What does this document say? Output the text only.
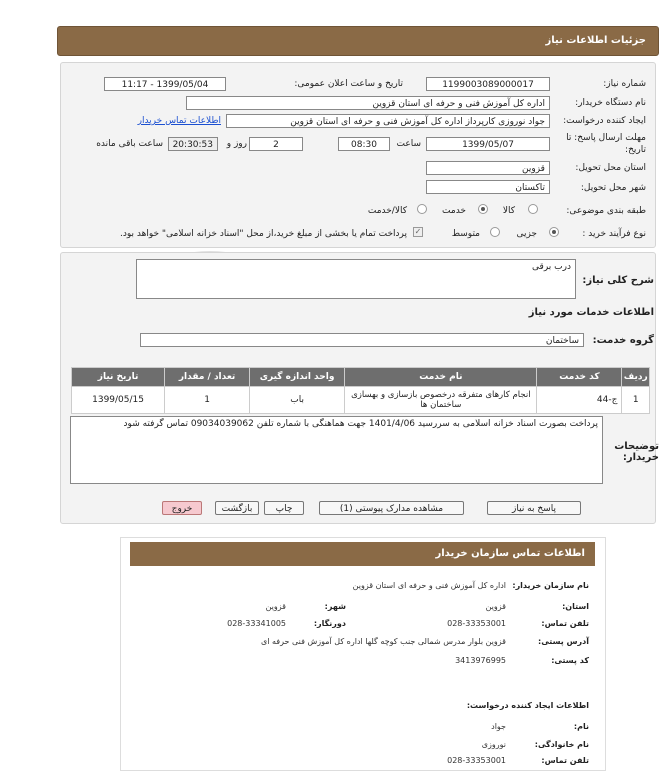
جزئیات اطلاعات نیاز
شماره نیاز:
1199003089000017
تاریخ و ساعت اعلان عمومی:
1399/05/04 - 11:17
نام دستگاه خریدار:
اداره کل آموزش فنی و حرفه ای استان قزوین
ایجاد کننده درخواست:
جواد نوروزی کارپرداز اداره کل آموزش فنی و حرفه ای استان قزوین
اطلاعات تماس خریدار
مهلت ارسال پاسخ: تا
تاریخ:
1399/05/07
ساعت
08:30
2
روز و
20:30:53
ساعت باقی مانده
استان محل تحویل:
قزوین
شهر محل تحویل:
تاکستان
طبقه بندی موضوعی:
کالا
خدمت
کالا/خدمت
نوع فرآیند خرید :
جزیی
متوسط
✓
پرداخت تمام یا بخشی از مبلغ خرید،از محل "اسناد خزانه اسلامی" خواهد بود.
شرح کلی نیاز:
درب برقی
اطلاعات خدمات مورد نیاز
گروه خدمت:
ساختمان
ردیف	کد خدمت	نام خدمت	واحد اندازه گیری	تعداد / مقدار	تاریخ نیاز
1	ج-44	انجام کارهای متفرقه درخصوص بازسازی و بهسازی ساختمان ها	باب	1	1399/05/15
توضیحات خریدار:
پرداخت بصورت اسناد خزانه اسلامی به سررسید 1401/4/06 جهت هماهنگی با شماره تلفن 09034039062 تماس گرفته شود
پاسخ به نیاز
مشاهده مدارک پیوستی (1)
چاپ
بازگشت
خروج
اطلاعات تماس سازمان خریدار
نام سازمان خریدار:
اداره کل آموزش فنی و حرفه ای استان قزوین
استان:
قزوین
شهر:
قزوین
تلفن تماس:
028-33353001
دورنگار:
028-33341005
آدرس پستی:
قزوین بلوار مدرس شمالی جنب کوچه گلها اداره کل آموزش فنی حرفه ای
کد پستی:
3413976995
اطلاعات ایجاد کننده درخواست:
نام:
جواد
نام خانوادگی:
نوروزی
تلفن تماس:
028-33353001
